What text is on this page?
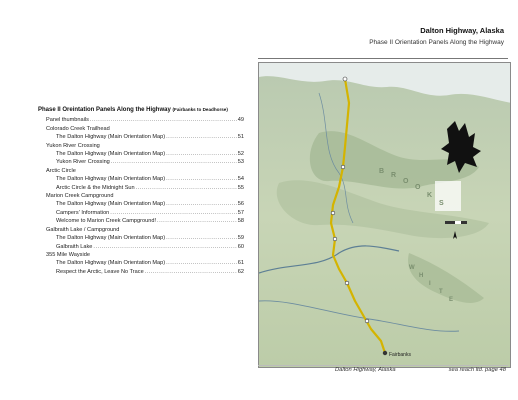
Dalton Highway, Alaska
Phase II Orientation Panels Along the Highway
Phase II Oreintation Panels Along the Highway (Fairbanks to Deadhorse)
Panel thumbnails .....	49
Colorado Creek Trailhead
The Dalton Highway (Main Orientation Map) .....	51
Yukon River Crossing
The Dalton Highway (Main Orientation Map) .....	52
Yukon River Crossing .....	53
Arctic Circle
The Dalton Highway (Main Orientation Map) .....	54
Arctic Circle & the Midnight Sun .....	55
Marion Creek Campground
The Dalton Highway (Main Orientation Map) .....	56
Campers' Information .....	57
Welcome to Marion Creek Campground! .....	58
Galbraith Lake / Campground
The Dalton Highway (Main Orientation Map) .....	59
Galbraith Lake .....	60
355 Mile Wayside
The Dalton Highway (Main Orientation Map) .....	61
Respect the Arctic, Leave No Trace .....	62
Fairbanks
B
R
O
O
K
S
W
H
I
T
E
Dalton Highway, Alaska	sea reach ltd. page 48
